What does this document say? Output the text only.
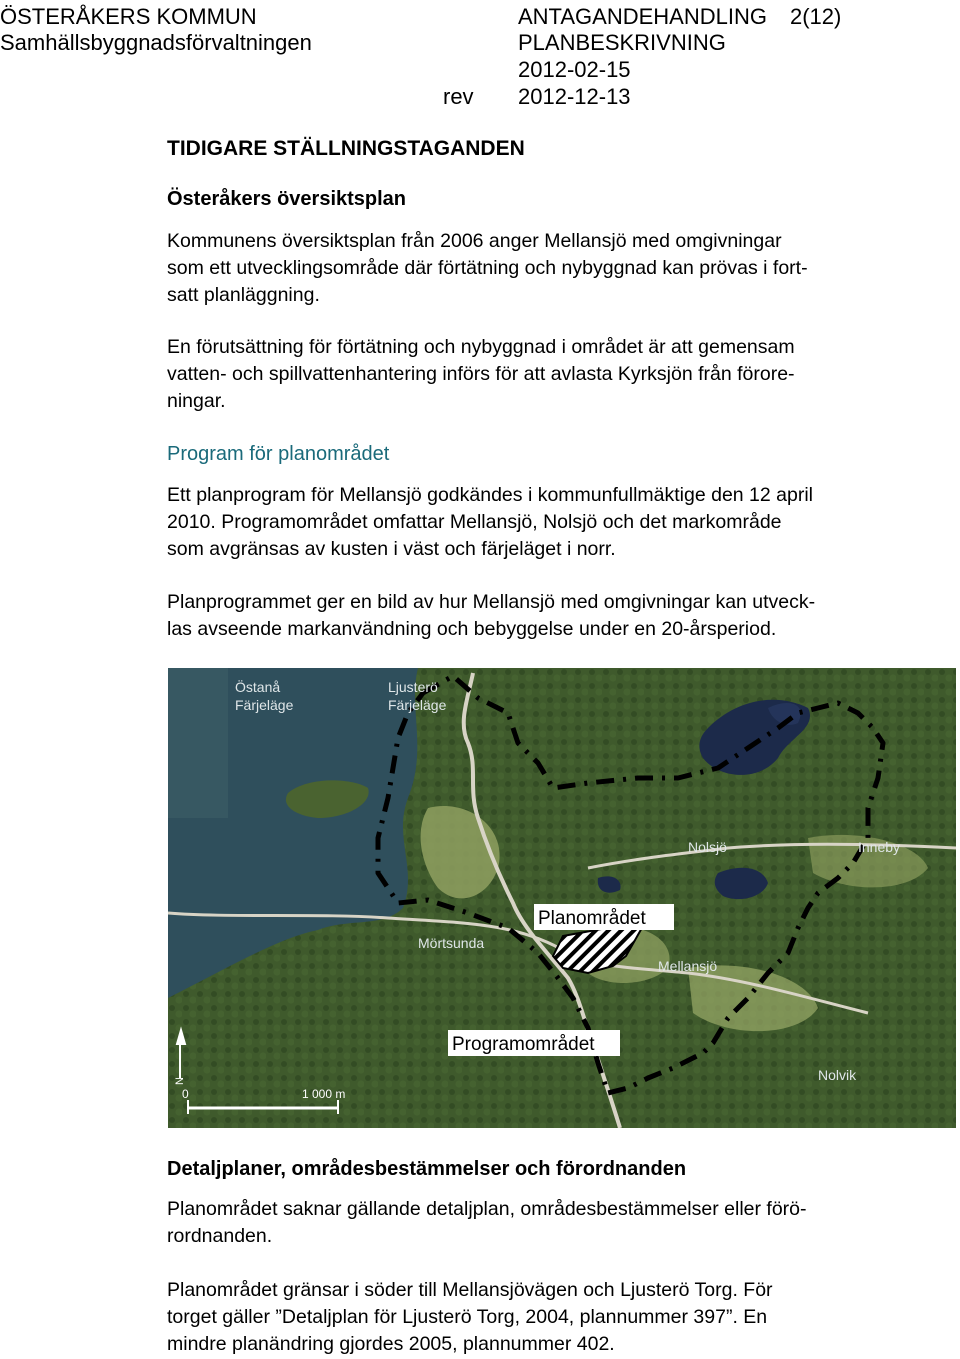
ÖSTERÅKERS KOMMUN
Samhällsbyggnadsförvaltningen
ANTAGANDEHANDLING 2(12)
PLANBESKRIVNING
2012-02-15
rev 2012-12-13
TIDIGARE STÄLLNINGSTAGANDEN
Österåkers översiktsplan

Kommunens översiktsplan från 2006 anger Mellansjö med omgivningar
som ett utvecklingsområde där förtätning och nybyggnad kan prövas i fort-
satt planläggning.

En förutsättning för förtätning och nybyggnad i området är att gemensam
vatten- och spillvattenhantering införs för att avlasta Kyrksjön från förore-
ningar.

Program för planområdet

Ett planprogram för Mellansjö godkändes i kommunfullmäktige den 12 april
2010. Programområdet omfattar Mellansjö, Nolsjö och det markområde
som avgränsas av kusten i väst och färjeläget i norr.

Planprogrammet ger en bild av hur Mellansjö med omgivningar kan utveck-
las avseende markanvändning och bebyggelse under en 20-årsperiod.

Östanå
Färjeläge
Ljusterö
Färjeläge
Nolsjö	Inneby
Mörtsunda
Mellansjö
Nolvik
Planområdet
Programområdet
N
0	1 000 m
Detaljplaner, områdesbestämmelser och förordnanden

Planområdet saknar gällande detaljplan, områdesbestämmelser eller förö-
rordnanden.

Planområdet gränsar i söder till Mellansjövägen och Ljusterö Torg. För
torget gäller ”Detaljplan för Ljusterö Torg, 2004, plannummer 397”. En
mindre planändring gjordes 2005, plannummer 402.
